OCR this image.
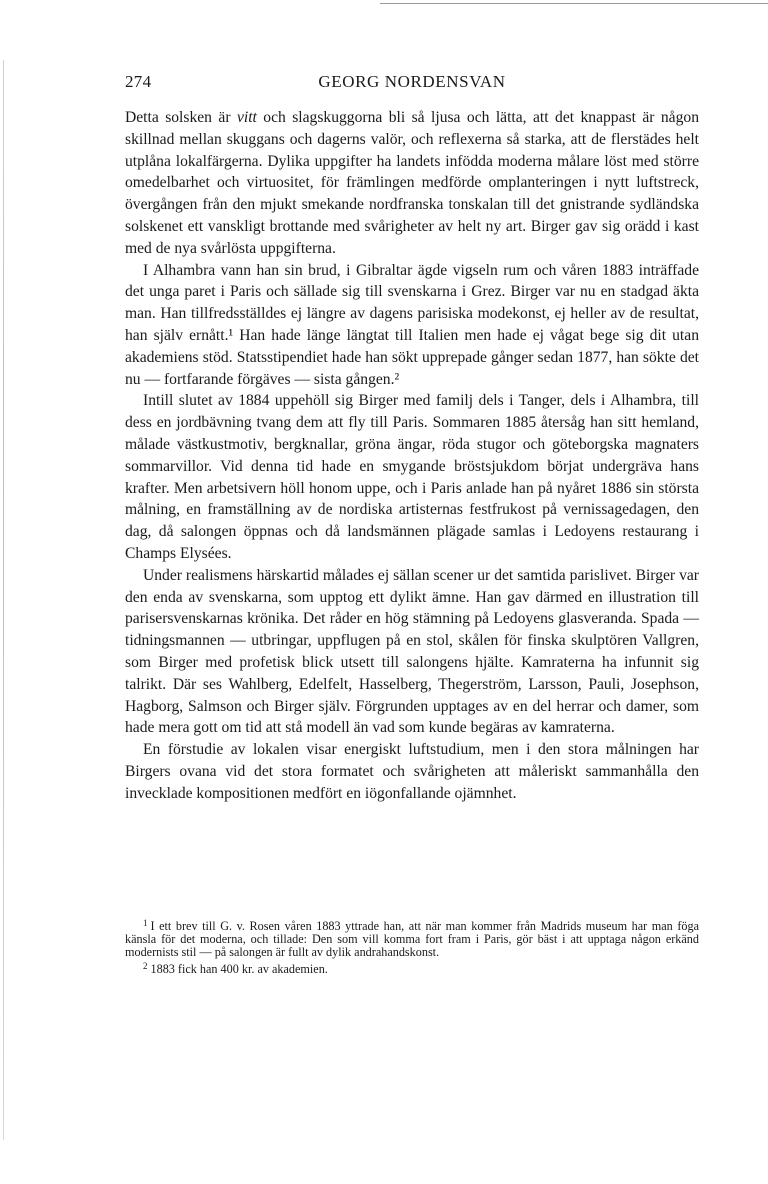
274	GEORG NORDENSVAN

Detta solsken är vitt och slagskuggorna bli så ljusa och lätta, att det knappast är någon skillnad mellan skuggans och dagerns valör, och reflexerna så starka, att de flerstädes helt utplåna lokalfärgerna. Dylika uppgifter ha landets infödda moderna målare löst med större omedelbarhet och virtuositet, för främlingen medförde omplanteringen i nytt luftstreck, övergången från den mjukt smekande nordfranska tonskalan till det gnistrande sydländska solskenet ett vanskligt brottande med svårigheter av helt ny art. Birger gav sig orädd i kast med de nya svårlösta uppgifterna.

I Alhambra vann han sin brud, i Gibraltar ägde vigseln rum och våren 1883 inträffade det unga paret i Paris och sällade sig till svenskarna i Grez. Birger var nu en stadgad äkta man. Han tillfredsställdes ej längre av dagens parisiska modekonst, ej heller av de resultat, han själv ernått.¹ Han hade länge längtat till Italien men hade ej vågat bege sig dit utan akademiens stöd. Statsstipendiet hade han sökt upprepade gånger sedan 1877, han sökte det nu — fortfarande förgäves — sista gången.²

Intill slutet av 1884 uppehöll sig Birger med familj dels i Tanger, dels i Alhambra, till dess en jordbävning tvang dem att fly till Paris. Sommaren 1885 återsåg han sitt hemland, målade västkustmotiv, bergknallar, gröna ängar, röda stugor och göteborgska magnaters sommarvillor. Vid denna tid hade en smygande bröstsjukdom börjat undergräva hans krafter. Men arbetsivern höll honom uppe, och i Paris anlade han på nyåret 1886 sin största målning, en framställning av de nordiska artisternas festfrukost på vernissagedagen, den dag, då salongen öppnas och då landsmännen plägade samlas i Ledoyens restaurang i Champs Elysées.

Under realismens härskartid målades ej sällan scener ur det samtida parislivet. Birger var den enda av svenskarna, som upptog ett dylikt ämne. Han gav därmed en illustration till parisersvenskarnas krönika. Det råder en hög stämning på Ledoyens glasveranda. Spada — tidningsmannen — utbringar, uppflugen på en stol, skålen för finska skulptören Vallgren, som Birger med profetisk blick utsett till salongens hjälte. Kamraterna ha infunnit sig talrikt. Där ses Wahlberg, Edelfelt, Hasselberg, Thegerström, Larsson, Pauli, Josephson, Hagborg, Salmson och Birger själv. Förgrunden upptages av en del herrar och damer, som hade mera gott om tid att stå modell än vad som kunde begäras av kamraterna.

En förstudie av lokalen visar energiskt luftstudium, men i den stora målningen har Birgers ovana vid det stora formatet och svårigheten att måleriskt sammanhålla den invecklade kompositionen medfört en iögonfallande ojämnhet.

$^1$ I ett brev till G. v. Rosen våren 1883 yttrade han, att när man kommer från Madrids museum har man föga känsla för det moderna, och tillade: Den som vill komma fort fram i Paris, gör bäst i att upptaga någon erkänd modernists stil — på salongen är fullt av dylik andrahandskonst.

$^2$ 1883 fick han 400 kr. av akademien.
